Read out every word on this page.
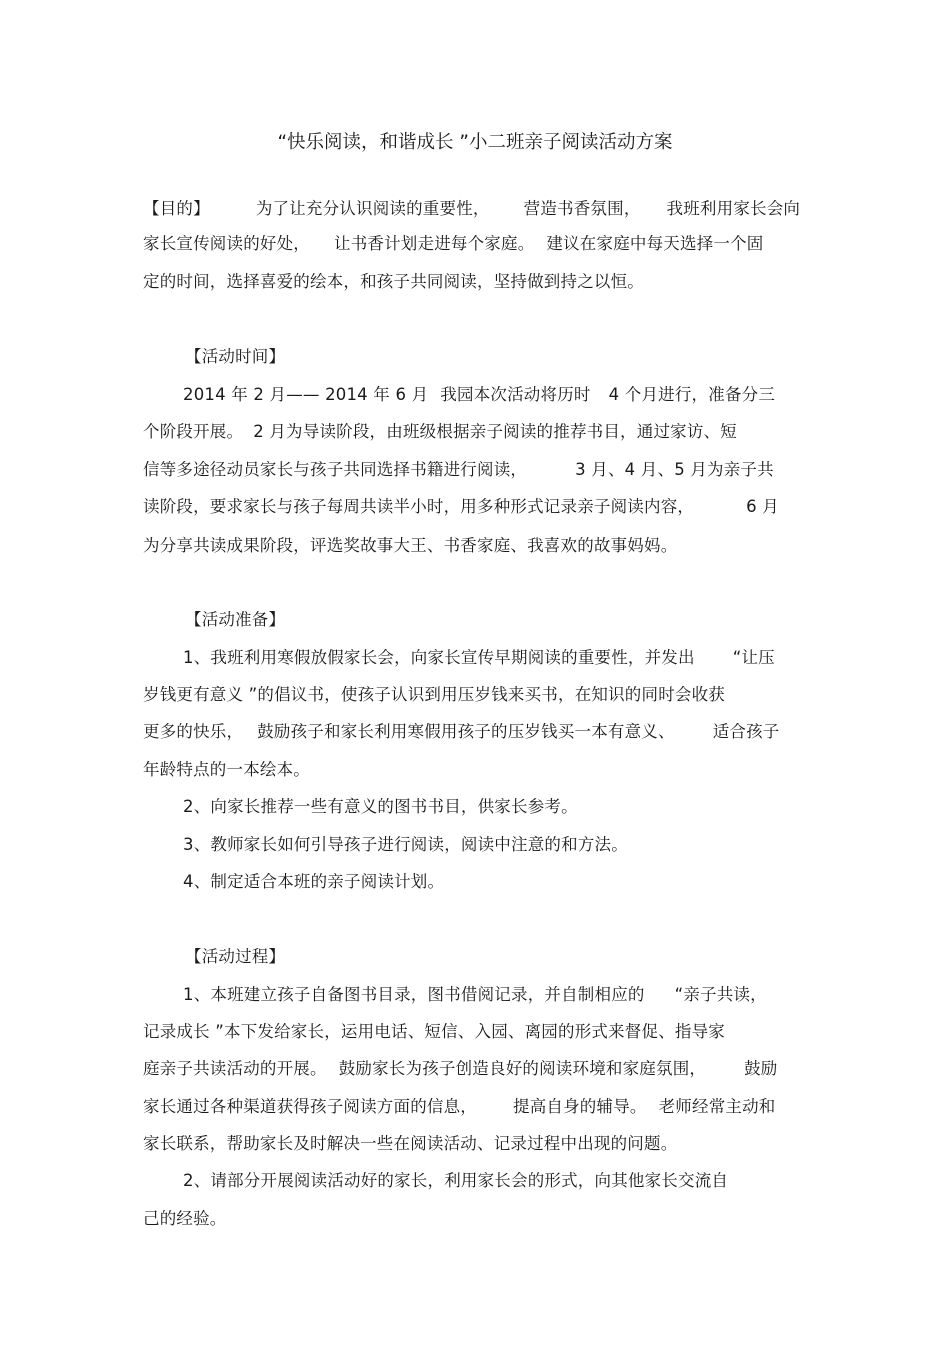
“快乐阅读，和谐成长 ”小二班亲子阅读活动方案
【目的】	为了让充分认识阅读的重要性， 营造书香氛围， 我班利用家长会向
家长宣传阅读的好处， 让书香计划走进每个家庭。 建议在家庭中每天选择一个固
定的时间，选择喜爱的绘本，和孩子共同阅读，坚持做到持之以恒。
【活动时间】
2014 年 2 月—— 2014 年 6 月 我园本次活动将历时 4 个月进行，准备分三
个阶段开展。 2 月为导读阶段，由班级根据亲子阅读的推荐书目，通过家访、短
信等多途径动员家长与孩子共同选择书籍进行阅读，	3 月、4 月、5 月为亲子共
读阶段，要求家长与孩子每周共读半小时，用多种形式记录亲子阅读内容，	6 月
为分享共读成果阶段，评选奖故事大王、书香家庭、我喜欢的故事妈妈。
【活动准备】
1、我班利用寒假放假家长会，向家长宣传早期阅读的重要性，并发出 “让压
岁钱更有意义 ”的倡议书，使孩子认识到用压岁钱来买书，在知识的同时会收获
更多的快乐， 鼓励孩子和家长利用寒假用孩子的压岁钱买一本有意义、 适合孩子
年龄特点的一本绘本。
2、向家长推荐一些有意义的图书书目，供家长参考。
3、教师家长如何引导孩子进行阅读，阅读中注意的和方法。
4、制定适合本班的亲子阅读计划。
【活动过程】
1、本班建立孩子自备图书目录，图书借阅记录，并自制相应的 “亲子共读，
记录成长 ”本下发给家长，运用电话、短信、入园、离园的形式来督促、指导家
庭亲子共读活动的开展。 鼓励家长为孩子创造良好的阅读环境和家庭氛围， 鼓励
家长通过各种渠道获得孩子阅读方面的信息， 提高自身的辅导。 老师经常主动和
家长联系，帮助家长及时解决一些在阅读活动、记录过程中出现的问题。
2、请部分开展阅读活动好的家长，利用家长会的形式，向其他家长交流自
己的经验。
